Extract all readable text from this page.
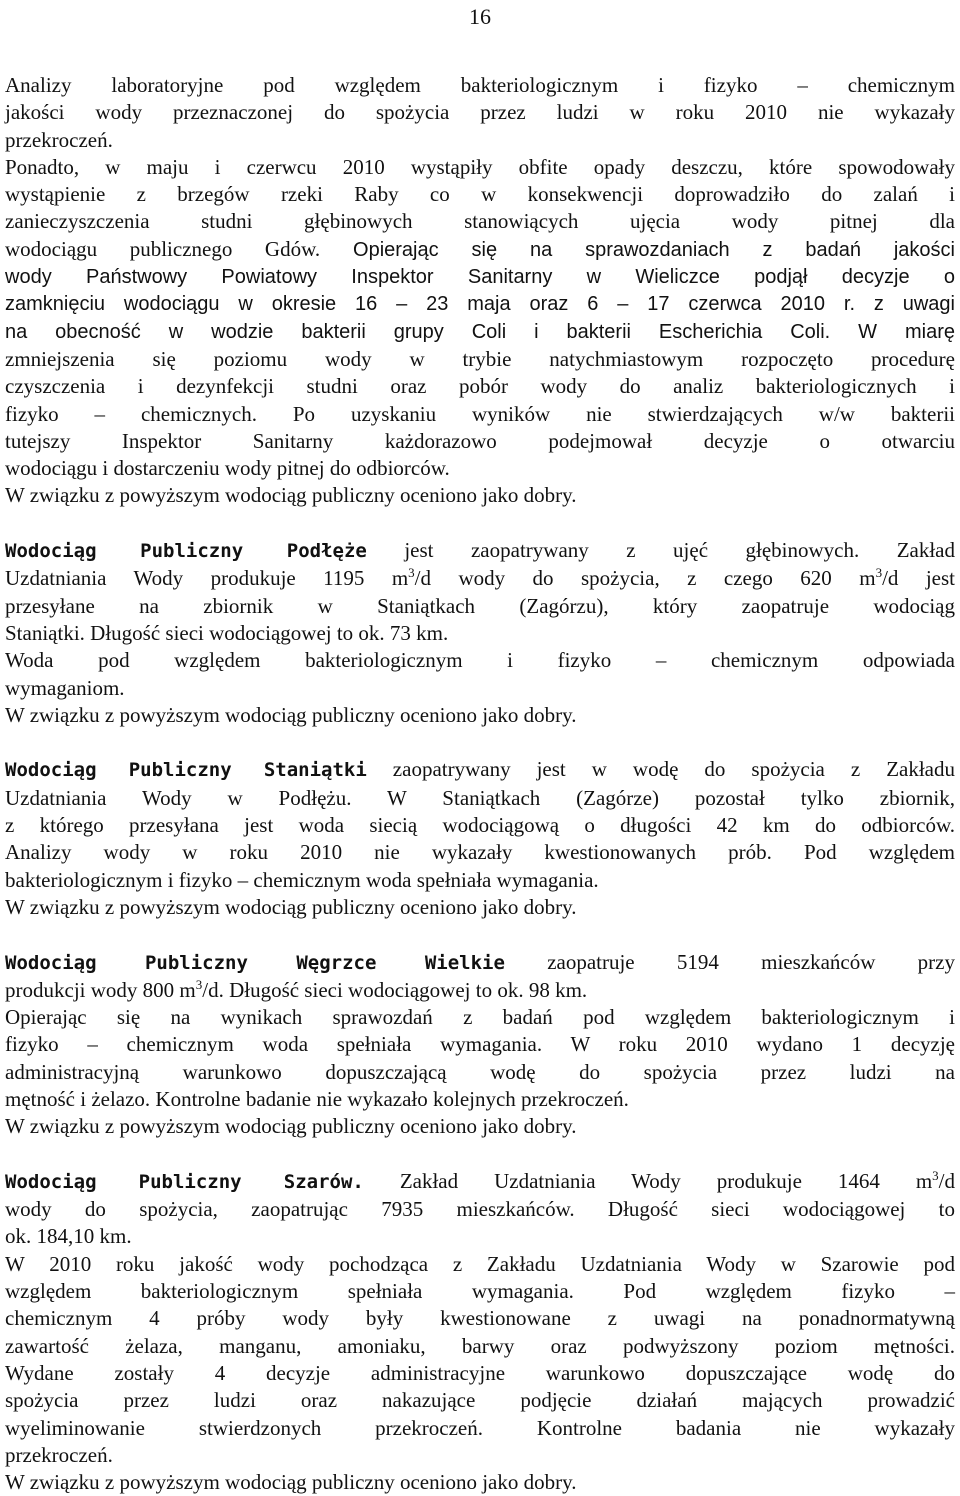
16
Analizy laboratoryjne pod względem bakteriologicznym i fizyko – chemicznym
jakości wody przeznaczonej do spożycia przez ludzi w roku 2010 nie wykazały
przekroczeń.
Ponadto, w maju i czerwcu 2010 wystąpiły obfite opady deszczu, które spowodowały
wystąpienie z brzegów rzeki Raby co w konsekwencji doprowadziło do zalań i
zanieczyszczenia studni głębinowych stanowiących ujęcia wody pitnej dla
wodociągu publicznego Gdów. Opierając się na sprawozdaniach z badań jakości
wody Państwowy Powiatowy Inspektor Sanitarny w Wieliczce podjął decyzje o
zamknięciu wodociągu w okresie 16 – 23 maja oraz 6 – 17 czerwca 2010 r. z uwagi
na obecność w wodzie bakterii grupy Coli i bakterii Escherichia Coli. W miarę
zmniejszenia się poziomu wody w trybie natychmiastowym rozpoczęto procedurę
czyszczenia i dezynfekcji studni oraz pobór wody do analiz bakteriologicznych i
fizyko – chemicznych. Po uzyskaniu wyników nie stwierdzających w/w bakterii
tutejszy Inspektor Sanitarny każdorazowo podejmował decyzje o otwarciu
wodociągu i dostarczeniu wody pitnej do odbiorców.
W związku z powyższym wodociąg publiczny oceniono jako dobry.
Wodociąg Publiczny Podłęże jest zaopatrywany z ujęć głębinowych. Zakład
Uzdatniania Wody produkuje 1195 $m^3/d$ wody do spożycia, z czego 620 $m^3/d$ jest
przesyłane na zbiornik w Staniątkach (Zagórzu), który zaopatruje wodociąg
Staniątki. Długość sieci wodociągowej to ok. 73 km.
Woda pod względem bakteriologicznym i fizyko – chemicznym odpowiada
wymaganiom.
W związku z powyższym wodociąg publiczny oceniono jako dobry.
Wodociąg Publiczny Staniątki zaopatrywany jest w wodę do spożycia z Zakładu
Uzdatniania Wody w Podłężu. W Staniątkach (Zagórze) pozostał tylko zbiornik,
z którego przesyłana jest woda siecią wodociągową o długości 42 km do odbiorców.
Analizy wody w roku 2010 nie wykazały kwestionowanych prób. Pod względem
bakteriologicznym i fizyko – chemicznym woda spełniała wymagania.
W związku z powyższym wodociąg publiczny oceniono jako dobry.
Wodociąg Publiczny Węgrzce Wielkie zaopatruje 5194 mieszkańców przy
produkcji wody 800 $m^3/d$. Długość sieci wodociągowej to ok. 98 km.
Opierając się na wynikach sprawozdań z badań pod względem bakteriologicznym i
fizyko – chemicznym woda spełniała wymagania. W roku 2010 wydano 1 decyzję
administracyjną warunkowo dopuszczającą wodę do spożycia przez ludzi na
mętność i żelazo. Kontrolne badanie nie wykazało kolejnych przekroczeń.
W związku z powyższym wodociąg publiczny oceniono jako dobry.
Wodociąg Publiczny Szarów. Zakład Uzdatniania Wody produkuje 1464 $m^3/d$
wody do spożycia, zaopatrując 7935 mieszkańców. Długość sieci wodociągowej to
ok. 184,10 km.
W 2010 roku jakość wody pochodząca z Zakładu Uzdatniania Wody w Szarowie pod
względem bakteriologicznym spełniała wymagania. Pod względem fizyko –
chemicznym 4 próby wody były kwestionowane z uwagi na ponadnormatywną
zawartość żelaza, manganu, amoniaku, barwy oraz podwyższony poziom mętności.
Wydane zostały 4 decyzje administracyjne warunkowo dopuszczające wodę do
spożycia przez ludzi oraz nakazujące podjęcie działań mających prowadzić
wyeliminowanie stwierdzonych przekroczeń. Kontrolne badania nie wykazały
przekroczeń.
W związku z powyższym wodociąg publiczny oceniono jako dobry.
